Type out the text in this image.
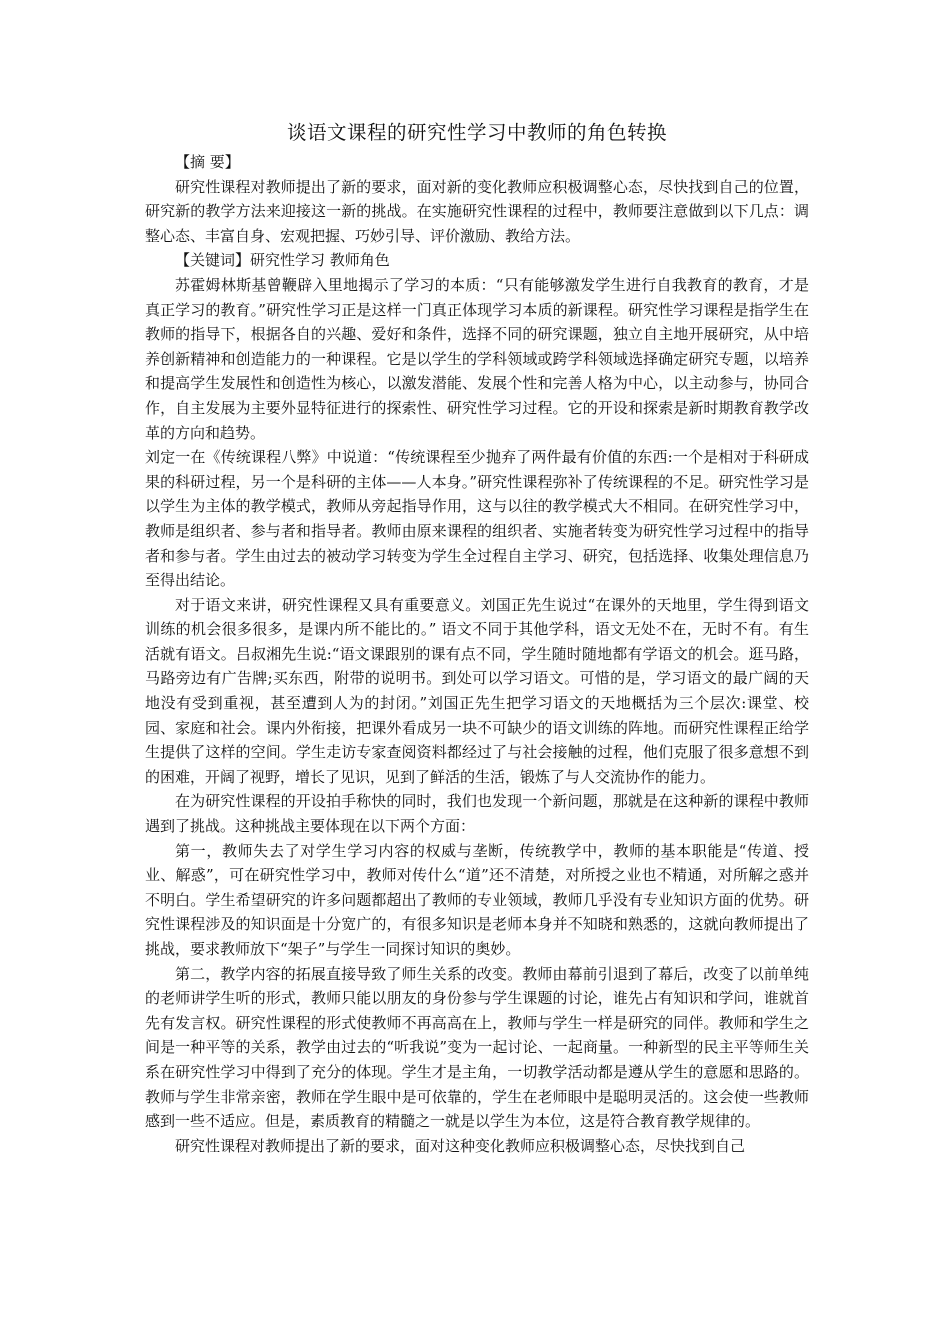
谈语文课程的研究性学习中教师的角色转换

【摘 要】

研究性课程对教师提出了新的要求，面对新的变化教师应积极调整心态，尽快找到自己的位置，研究新的教学方法来迎接这一新的挑战。在实施研究性课程的过程中，教师要注意做到以下几点：调整心态、丰富自身、宏观把握、巧妙引导、评价激励、教给方法。

【关键词】研究性学习 教师角色

苏霍姆林斯基曾鞭辟入里地揭示了学习的本质：“只有能够激发学生进行自我教育的教育，才是真正学习的教育。”研究性学习正是这样一门真正体现学习本质的新课程。研究性学习课程是指学生在教师的指导下，根据各自的兴趣、爱好和条件，选择不同的研究课题，独立自主地开展研究，从中培养创新精神和创造能力的一种课程。它是以学生的学科领域或跨学科领域选择确定研究专题，以培养和提高学生发展性和创造性为核心，以激发潜能、发展个性和完善人格为中心，以主动参与，协同合作，自主发展为主要外显特征进行的探索性、研究性学习过程。它的开设和探索是新时期教育教学改革的方向和趋势。

刘定一在《传统课程八弊》中说道：“传统课程至少抛弃了两件最有价值的东西:一个是相对于科研成果的科研过程，另一个是科研的主体——人本身。”研究性课程弥补了传统课程的不足。研究性学习是以学生为主体的教学模式，教师从旁起指导作用，这与以往的教学模式大不相同。在研究性学习中，教师是组织者、参与者和指导者。教师由原来课程的组织者、实施者转变为研究性学习过程中的指导者和参与者。学生由过去的被动学习转变为学生全过程自主学习、研究，包括选择、收集处理信息乃至得出结论。

对于语文来讲，研究性课程又具有重要意义。刘国正先生说过“在课外的天地里，学生得到语文训练的机会很多很多，是课内所不能比的。” 语文不同于其他学科，语文无处不在，无时不有。有生活就有语文。吕叔湘先生说:“语文课跟别的课有点不同，学生随时随地都有学语文的机会。逛马路，马路旁边有广告牌;买东西，附带的说明书。到处可以学习语文。可惜的是，学习语文的最广阔的天地没有受到重视，甚至遭到人为的封闭。”刘国正先生把学习语文的天地概括为三个层次:课堂、校园、家庭和社会。课内外衔接，把课外看成另一块不可缺少的语文训练的阵地。而研究性课程正给学生提供了这样的空间。学生走访专家查阅资料都经过了与社会接触的过程，他们克服了很多意想不到的困难，开阔了视野，增长了见识，见到了鲜活的生活，锻炼了与人交流协作的能力。

在为研究性课程的开设拍手称快的同时，我们也发现一个新问题，那就是在这种新的课程中教师遇到了挑战。这种挑战主要体现在以下两个方面：

第一，教师失去了对学生学习内容的权威与垄断，传统教学中，教师的基本职能是“传道、授业、解惑”，可在研究性学习中，教师对传什么“道”还不清楚，对所授之业也不精通，对所解之惑并不明白。学生希望研究的许多问题都超出了教师的专业领域，教师几乎没有专业知识方面的优势。研究性课程涉及的知识面是十分宽广的，有很多知识是老师本身并不知晓和熟悉的，这就向教师提出了挑战，要求教师放下“架子”与学生一同探讨知识的奥妙。

第二，教学内容的拓展直接导致了师生关系的改变。教师由幕前引退到了幕后，改变了以前单纯的老师讲学生听的形式，教师只能以朋友的身份参与学生课题的讨论，谁先占有知识和学问，谁就首先有发言权。研究性课程的形式使教师不再高高在上，教师与学生一样是研究的同伴。教师和学生之间是一种平等的关系，教学由过去的“听我说”变为一起讨论、一起商量。一种新型的民主平等师生关系在研究性学习中得到了充分的体现。学生才是主角，一切教学活动都是遵从学生的意愿和思路的。教师与学生非常亲密，教师在学生眼中是可依靠的，学生在老师眼中是聪明灵活的。这会使一些教师感到一些不适应。但是，素质教育的精髓之一就是以学生为本位，这是符合教育教学规律的。

研究性课程对教师提出了新的要求，面对这种变化教师应积极调整心态，尽快找到自己
